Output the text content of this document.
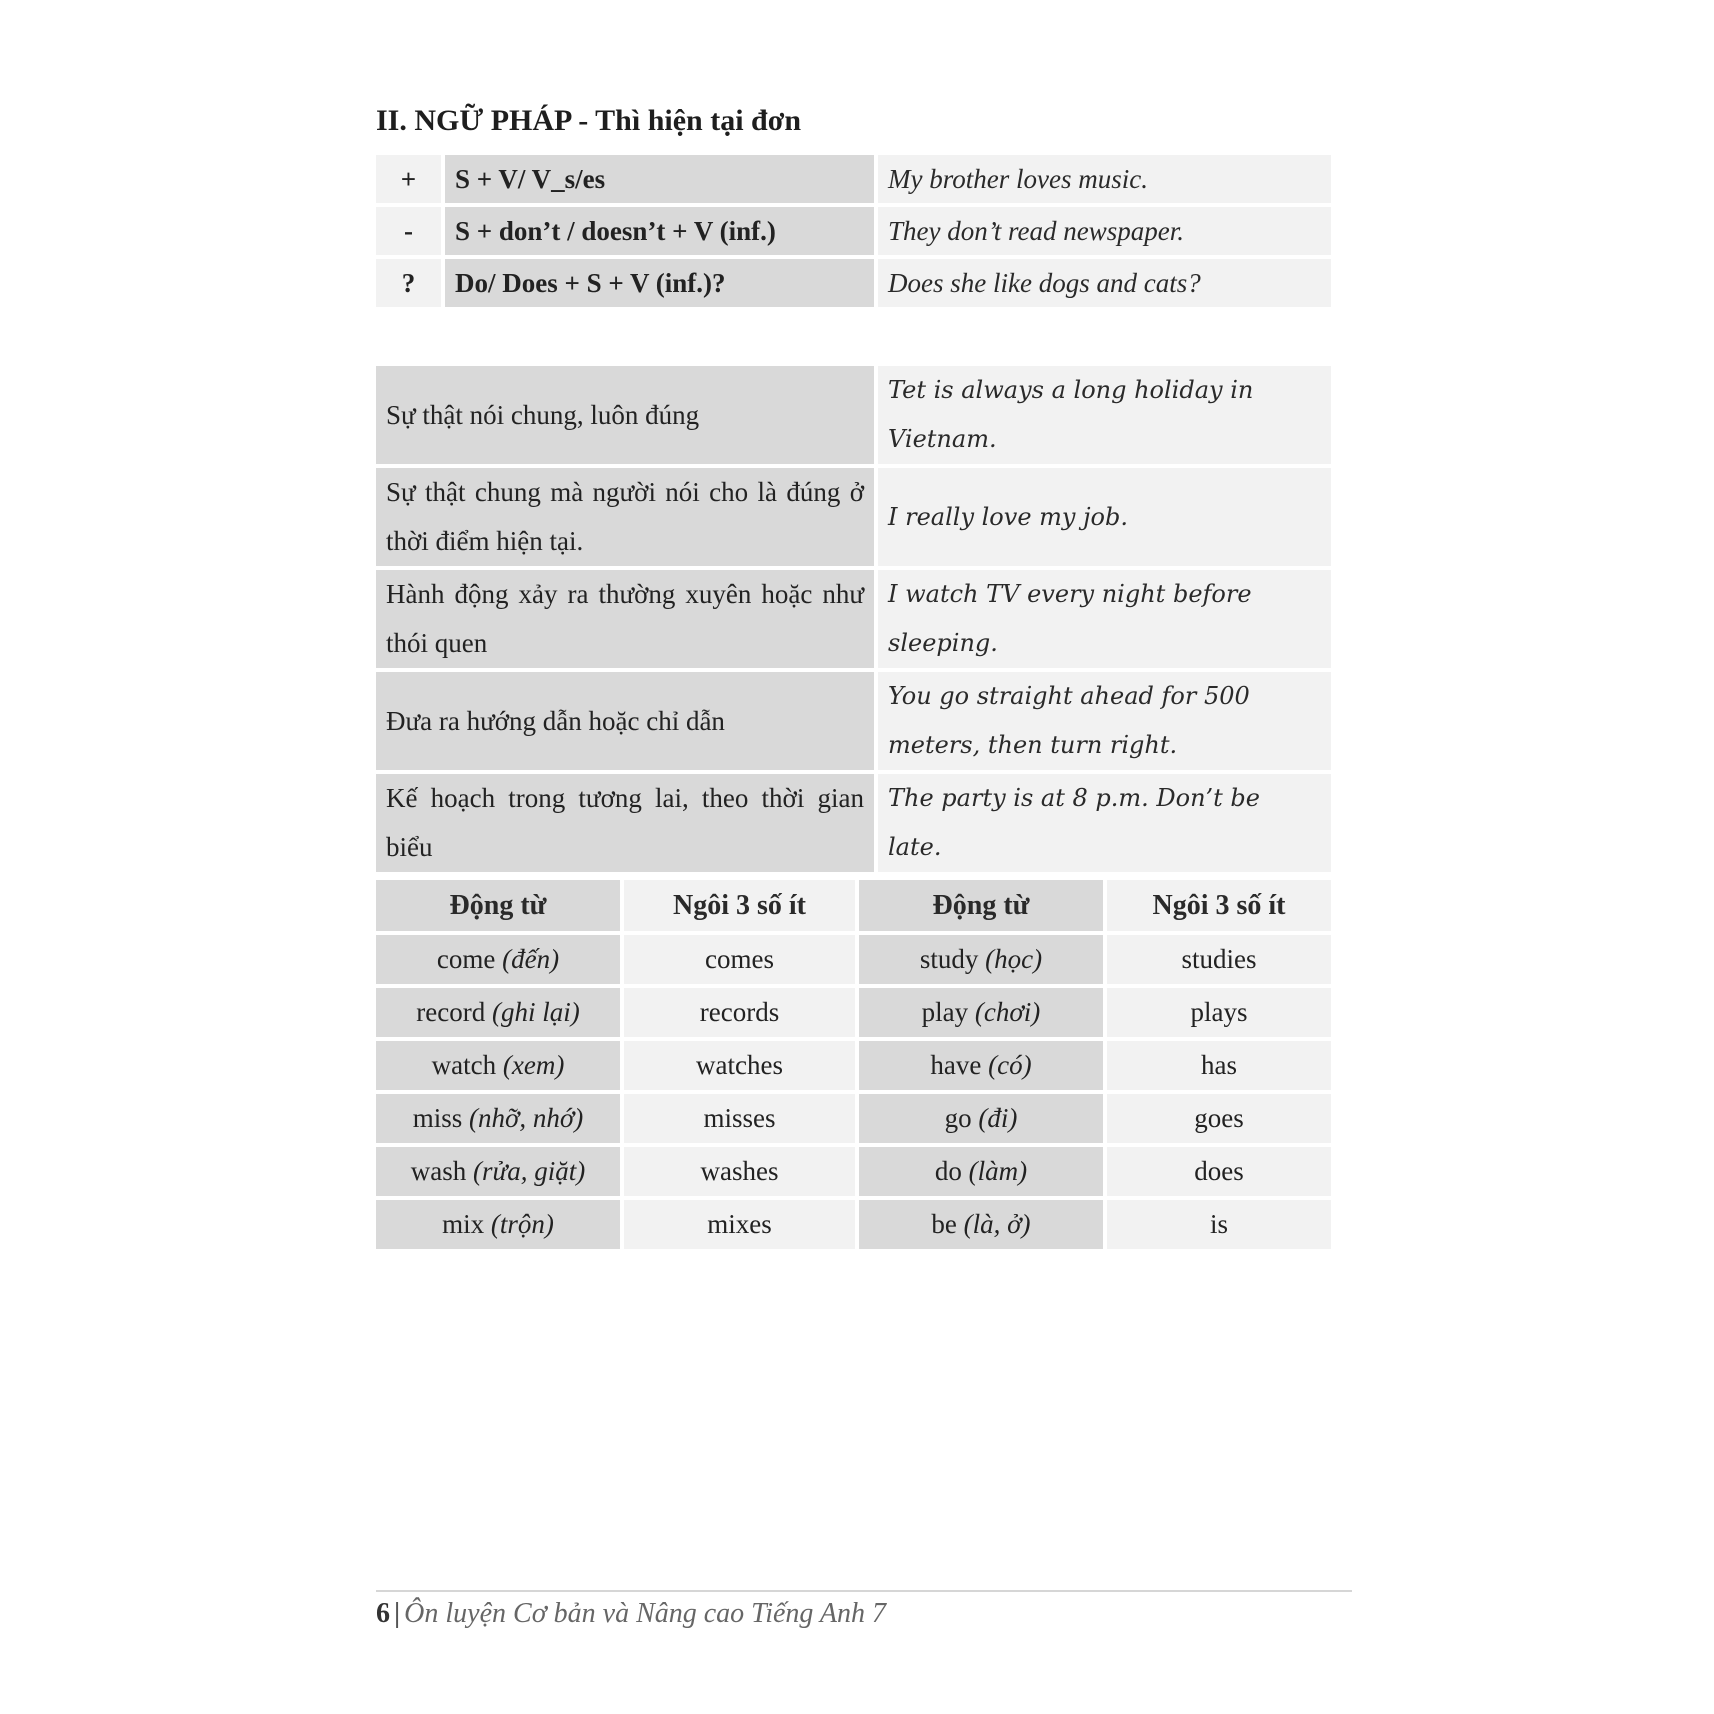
II. NGỮ PHÁP - Thì hiện tại đơn
+	S + V/ V_s/es	My brother loves music.
-	S + don’t / doesn’t + V (inf.)	They don’t read newspaper.
?	Do/ Does + S + V (inf.)?	Does she like dogs and cats?
Sự thật nói chung, luôn đúng	Tet is always a long holiday in Vietnam.
Sự thật chung mà người nói cho là đúng ở thời điểm hiện tại.	I really love my job.
Hành động xảy ra thường xuyên hoặc như thói quen	I watch TV every night before sleeping.
Đưa ra hướng dẫn hoặc chỉ dẫn	You go straight ahead for 500 meters, then turn right.
Kế hoạch trong tương lai, theo thời gian biểu	The party is at 8 p.m. Don’t be late.
Động từ	Ngôi 3 số ít	Động từ	Ngôi 3 số ít
come (đến)	comes	study (học)	studies
record (ghi lại)	records	play (chơi)	plays
watch (xem)	watches	have (có)	has
miss (nhỡ, nhớ)	misses	go (đi)	goes
wash (rửa, giặt)	washes	do (làm)	does
mix (trộn)	mixes	be (là, ở)	is
6 | Ôn luyện Cơ bản và Nâng cao Tiếng Anh 7
